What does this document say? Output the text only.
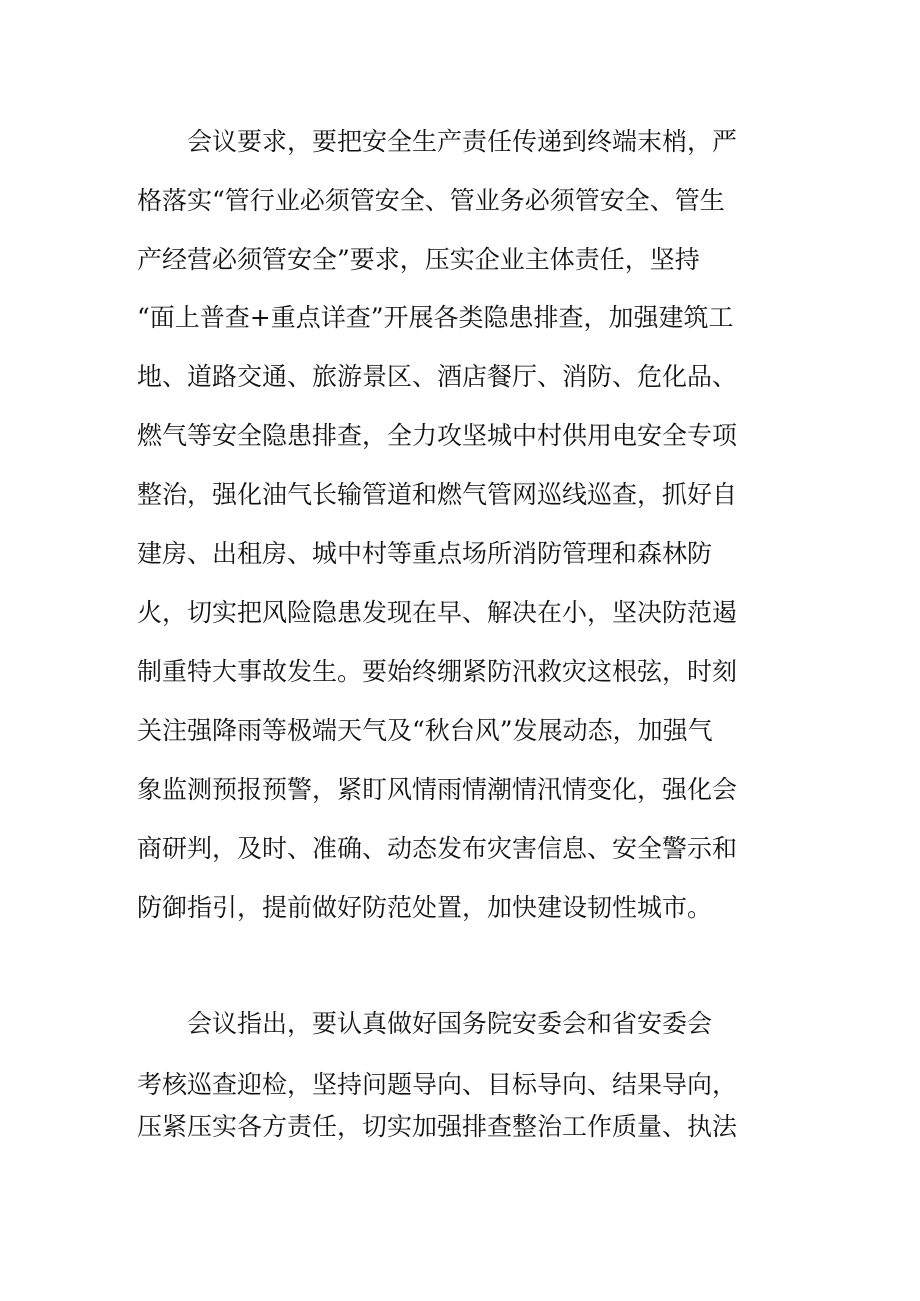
　　会议要求，要把安全生产责任传递到终端末梢，严
格落实“管行业必须管安全、管业务必须管安全、管生
产经营必须管安全”要求，压实企业主体责任，坚持
“面上普查+重点详查”开展各类隐患排查，加强建筑工
地、道路交通、旅游景区、酒店餐厅、消防、危化品、
燃气等安全隐患排查，全力攻坚城中村供用电安全专项
整治，强化油气长输管道和燃气管网巡线巡查，抓好自
建房、出租房、城中村等重点场所消防管理和森林防
火，切实把风险隐患发现在早、解决在小，坚决防范遏
制重特大事故发生。要始终绷紧防汛救灾这根弦，时刻
关注强降雨等极端天气及“秋台风”发展动态，加强气
象监测预报预警，紧盯风情雨情潮情汛情变化，强化会
商研判，及时、准确、动态发布灾害信息、安全警示和
防御指引，提前做好防范处置，加快建设韧性城市。
　　会议指出，要认真做好国务院安委会和省安委会
考核巡查迎检，坚持问题导向、目标导向、结果导向，
压紧压实各方责任，切实加强排查整治工作质量、执法
